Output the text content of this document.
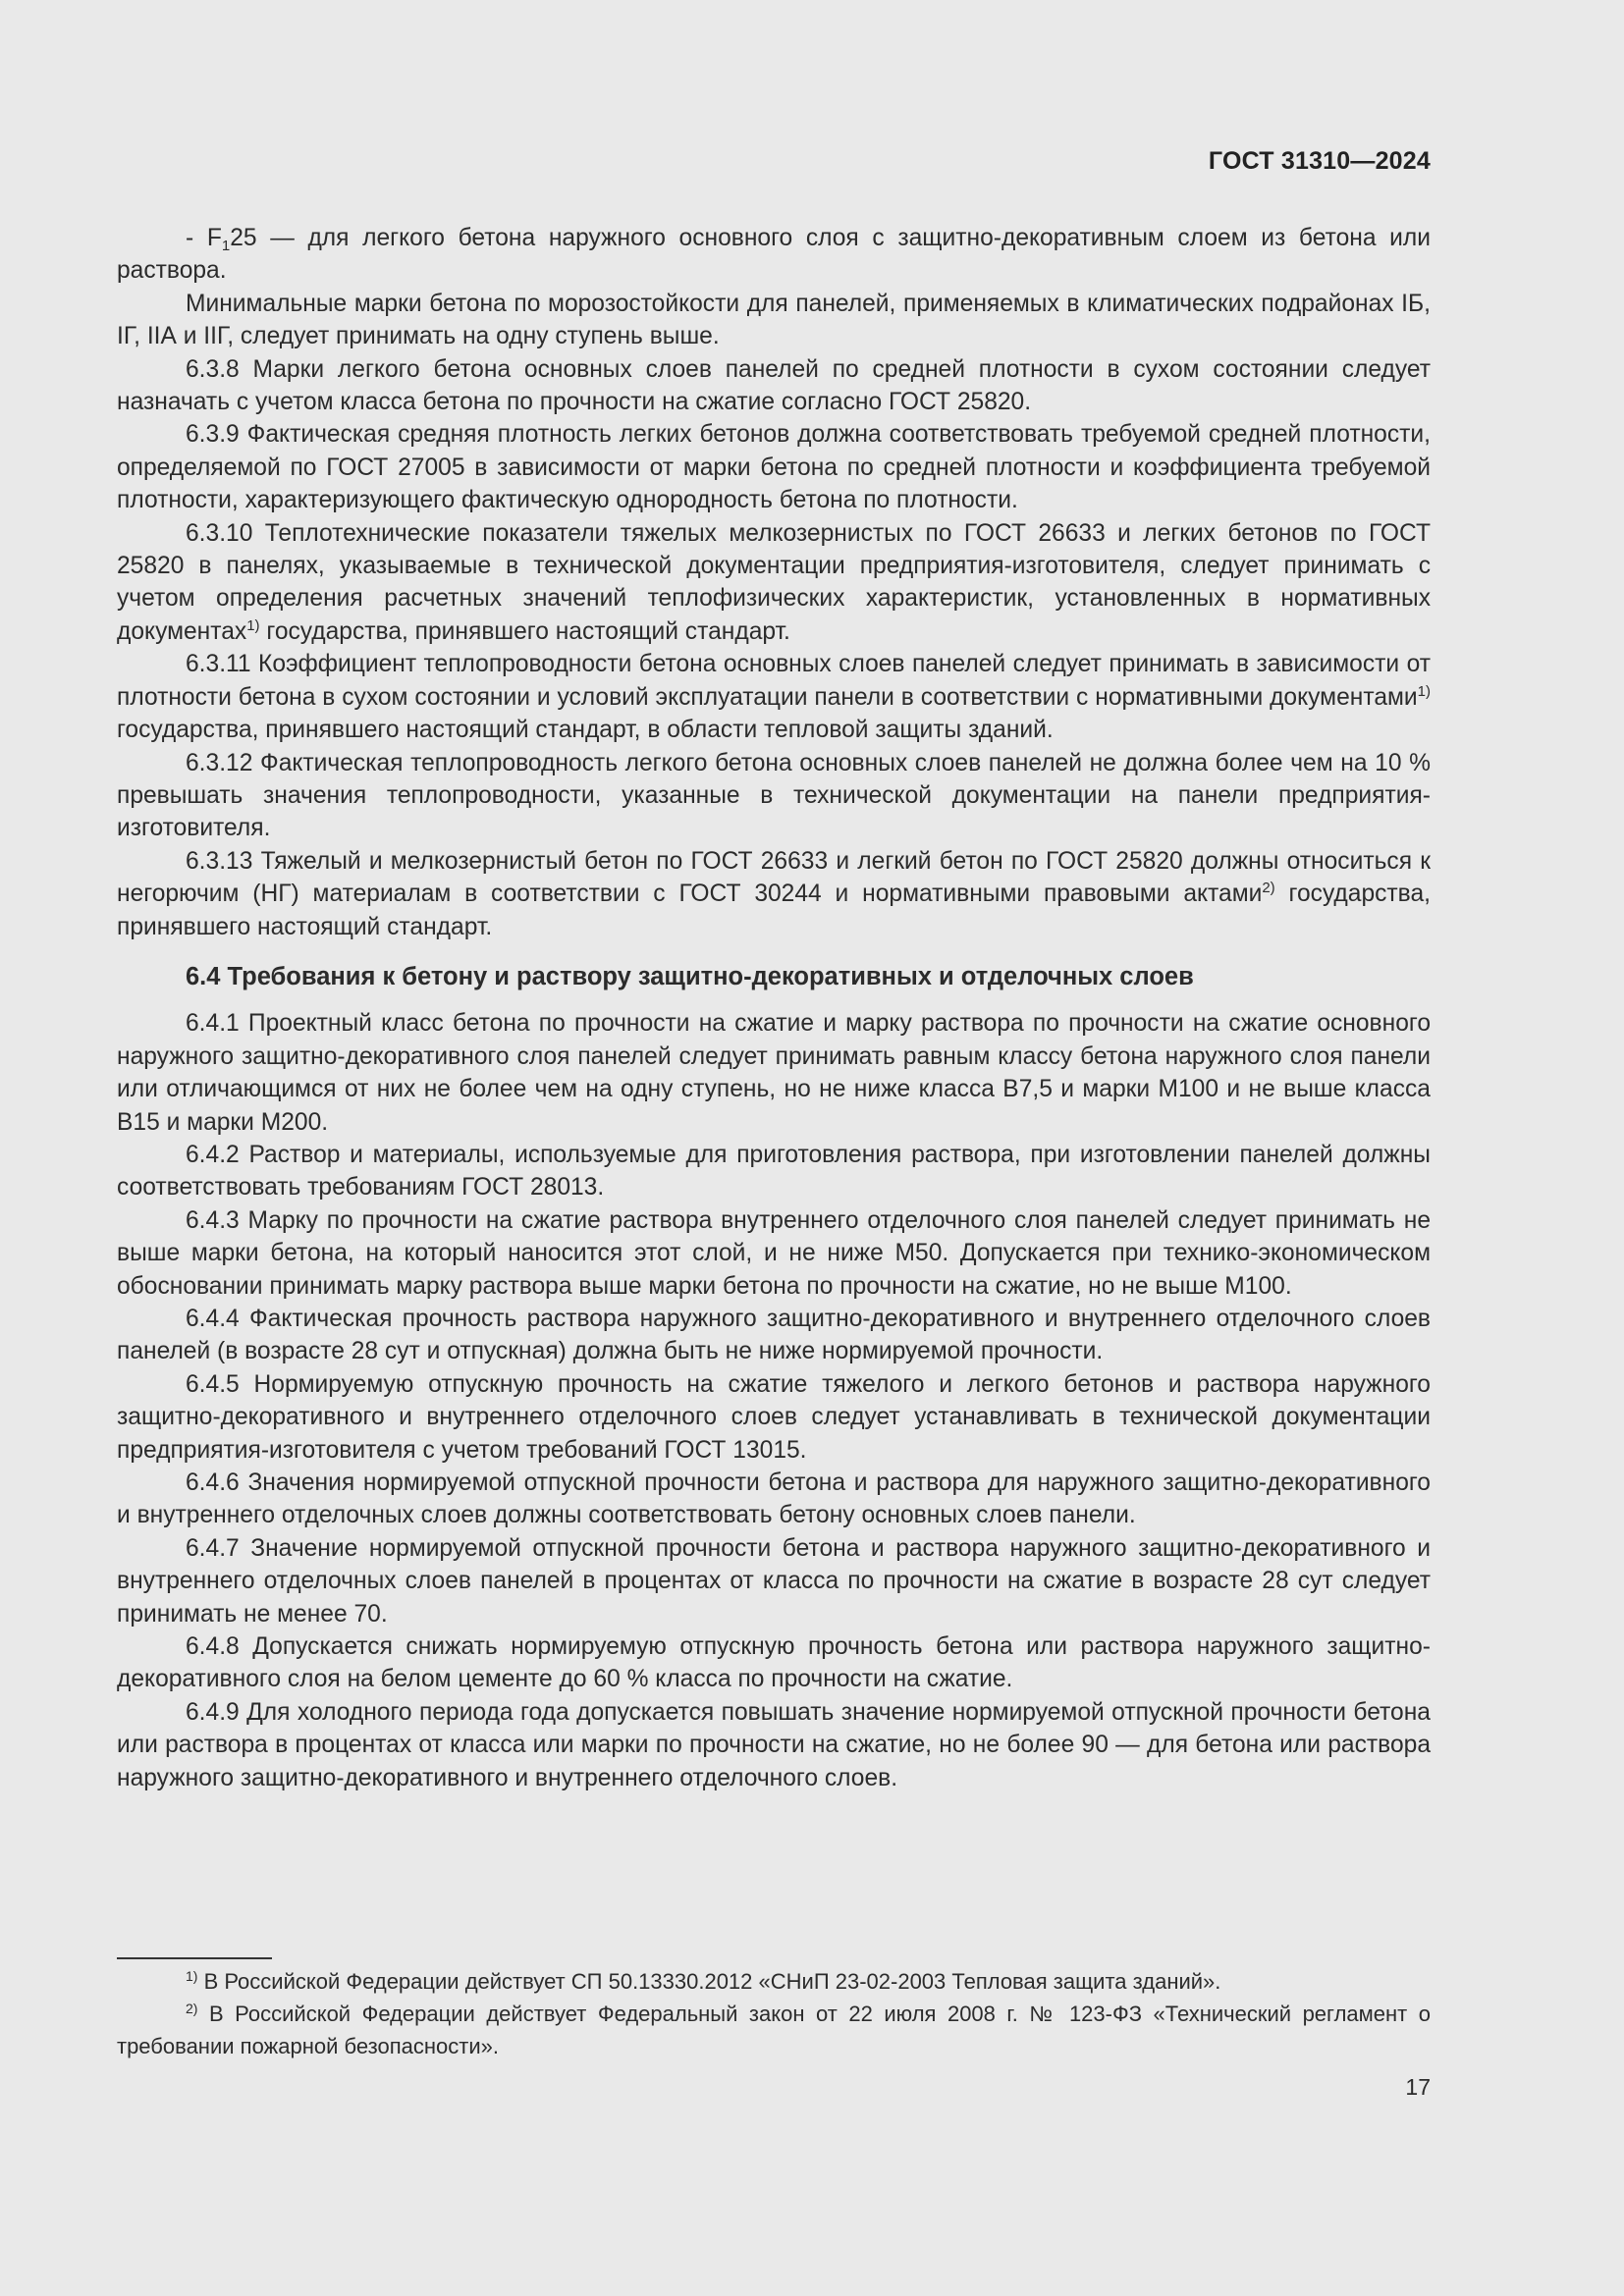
ГОСТ 31310—2024

- $F_125$ — для легкого бетона наружного основного слоя с защитно-декоративным слоем из бетона или раствора.

Минимальные марки бетона по морозостойкости для панелей, применяемых в климатических подрайонах IБ, IГ, IIА и IIГ, следует принимать на одну ступень выше.

6.3.8 Марки легкого бетона основных слоев панелей по средней плотности в сухом состоянии следует назначать с учетом класса бетона по прочности на сжатие согласно ГОСТ 25820.

6.3.9 Фактическая средняя плотность легких бетонов должна соответствовать требуемой средней плотности, определяемой по ГОСТ 27005 в зависимости от марки бетона по средней плотности и коэффициента требуемой плотности, характеризующего фактическую однородность бетона по плотности.

6.3.10 Теплотехнические показатели тяжелых мелкозернистых по ГОСТ 26633 и легких бетонов по ГОСТ 25820 в панелях, указываемые в технической документации предприятия-изготовителя, следует принимать с учетом определения расчетных значений теплофизических характеристик, установленных в нормативных документах$^{1)}$ государства, принявшего настоящий стандарт.

6.3.11 Коэффициент теплопроводности бетона основных слоев панелей следует принимать в зависимости от плотности бетона в сухом состоянии и условий эксплуатации панели в соответствии с нормативными документами$^{1)}$ государства, принявшего настоящий стандарт, в области тепловой защиты зданий.

6.3.12 Фактическая теплопроводность легкого бетона основных слоев панелей не должна более чем на 10 % превышать значения теплопроводности, указанные в технической документации на панели предприятия-изготовителя.

6.3.13 Тяжелый и мелкозернистый бетон по ГОСТ 26633 и легкий бетон по ГОСТ 25820 должны относиться к негорючим (НГ) материалам в соответствии с ГОСТ 30244 и нормативными правовыми актами$^{2)}$ государства, принявшего настоящий стандарт.

6.4 Требования к бетону и раствору защитно-декоративных и отделочных слоев

6.4.1 Проектный класс бетона по прочности на сжатие и марку раствора по прочности на сжатие основного наружного защитно-декоративного слоя панелей следует принимать равным классу бетона наружного слоя панели или отличающимся от них не более чем на одну ступень, но не ниже класса В7,5 и марки М100 и не выше класса В15 и марки М200.

6.4.2 Раствор и материалы, используемые для приготовления раствора, при изготовлении панелей должны соответствовать требованиям ГОСТ 28013.

6.4.3 Марку по прочности на сжатие раствора внутреннего отделочного слоя панелей следует принимать не выше марки бетона, на который наносится этот слой, и не ниже М50. Допускается при технико-экономическом обосновании принимать марку раствора выше марки бетона по прочности на сжатие, но не выше М100.

6.4.4 Фактическая прочность раствора наружного защитно-декоративного и внутреннего отделочного слоев панелей (в возрасте 28 сут и отпускная) должна быть не ниже нормируемой прочности.

6.4.5 Нормируемую отпускную прочность на сжатие тяжелого и легкого бетонов и раствора наружного защитно-декоративного и внутреннего отделочного слоев следует устанавливать в технической документации предприятия-изготовителя с учетом требований ГОСТ 13015.

6.4.6 Значения нормируемой отпускной прочности бетона и раствора для наружного защитно-декоративного и внутреннего отделочных слоев должны соответствовать бетону основных слоев панели.

6.4.7 Значение нормируемой отпускной прочности бетона и раствора наружного защитно-декоративного и внутреннего отделочных слоев панелей в процентах от класса по прочности на сжатие в возрасте 28 сут следует принимать не менее 70.

6.4.8 Допускается снижать нормируемую отпускную прочность бетона или раствора наружного защитно-декоративного слоя на белом цементе до 60 % класса по прочности на сжатие.

6.4.9 Для холодного периода года допускается повышать значение нормируемой отпускной прочности бетона или раствора в процентах от класса или марки по прочности на сжатие, но не более 90 — для бетона или раствора наружного защитно-декоративного и внутреннего отделочного слоев.

$^{1)}$ В Российской Федерации действует СП 50.13330.2012 «СНиП 23-02-2003 Тепловая защита зданий».

$^{2)}$ В Российской Федерации действует Федеральный закон от 22 июля 2008 г. № 123-ФЗ «Технический регламент о требовании пожарной безопасности».

17
